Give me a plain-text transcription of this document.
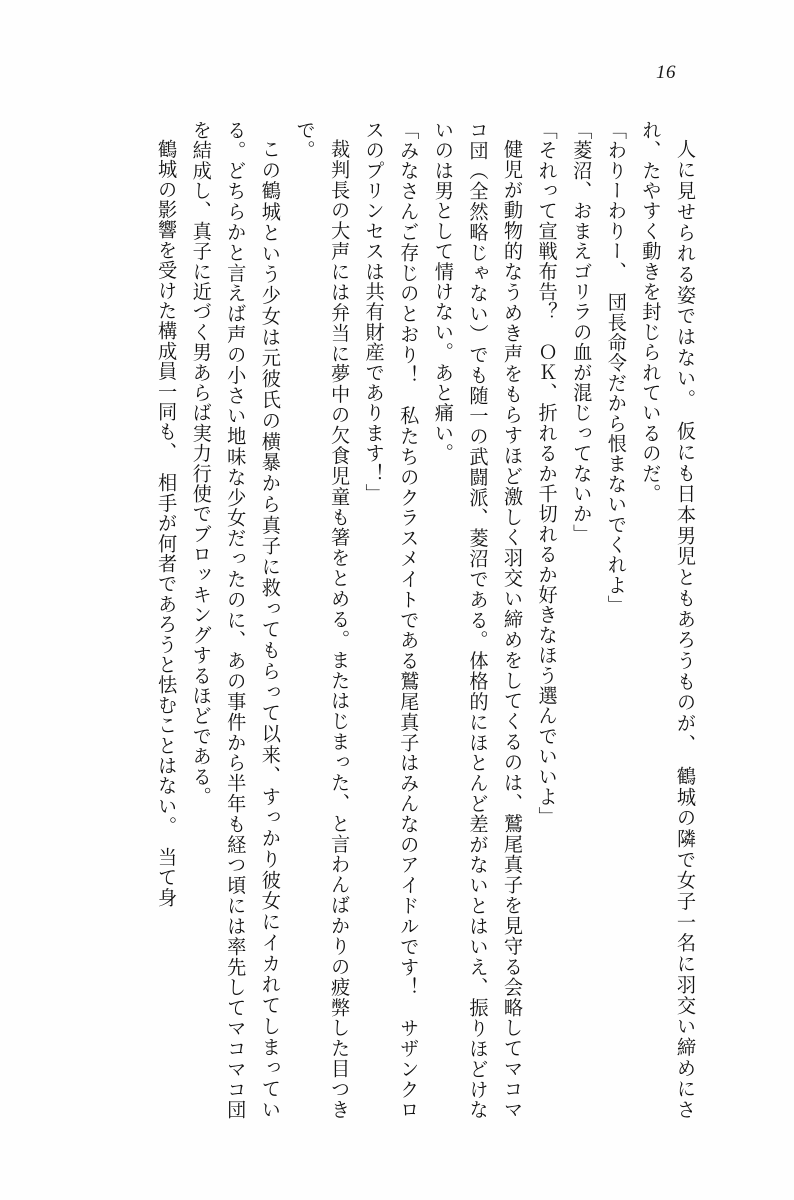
16

人に見せられる姿ではない。　仮にも日本男児ともあろうものが、　鶴城の隣で女子一名に羽交い締めにされ、たやすく動きを封じられているのだ。

「わりーわりー、　団長命令だから恨まないでくれよ」

「菱沼、おまえゴリラの血が混じってないか」

「それって宣戦布告？　ＯＫ、折れるか千切れるか好きなほう選んでいいよ」

健児が動物的なうめき声をもらすほど激しく羽交い締めをしてくるのは、鷲尾真子を見守る会略してマコマコ団（全然略じゃない）でも随一の武闘派、菱沼である。体格的にほとんど差がないとはいえ、振りほどけないのは男として情けない。あと痛い。

「みなさんご存じのとおり！　私たちのクラスメイトである鷲尾真子はみんなのアイドルです！　サザンクロスのプリンセスは共有財産であります！」

裁判長の大声には弁当に夢中の欠食児童も箸をとめる。またはじまった、と言わんばかりの疲弊した目つきで。

この鶴城という少女は元彼氏の横暴から真子に救ってもらって以来、すっかり彼女にイカれてしまっている。どちらかと言えば声の小さい地味な少女だったのに、あの事件から半年も経つ頃には率先してマコマコ団を結成し、真子に近づく男あらば実力行使でブロッキングするほどである。

鶴城の影響を受けた構成員一同も、　相手が何者であろうと怯むことはない。　当て身
